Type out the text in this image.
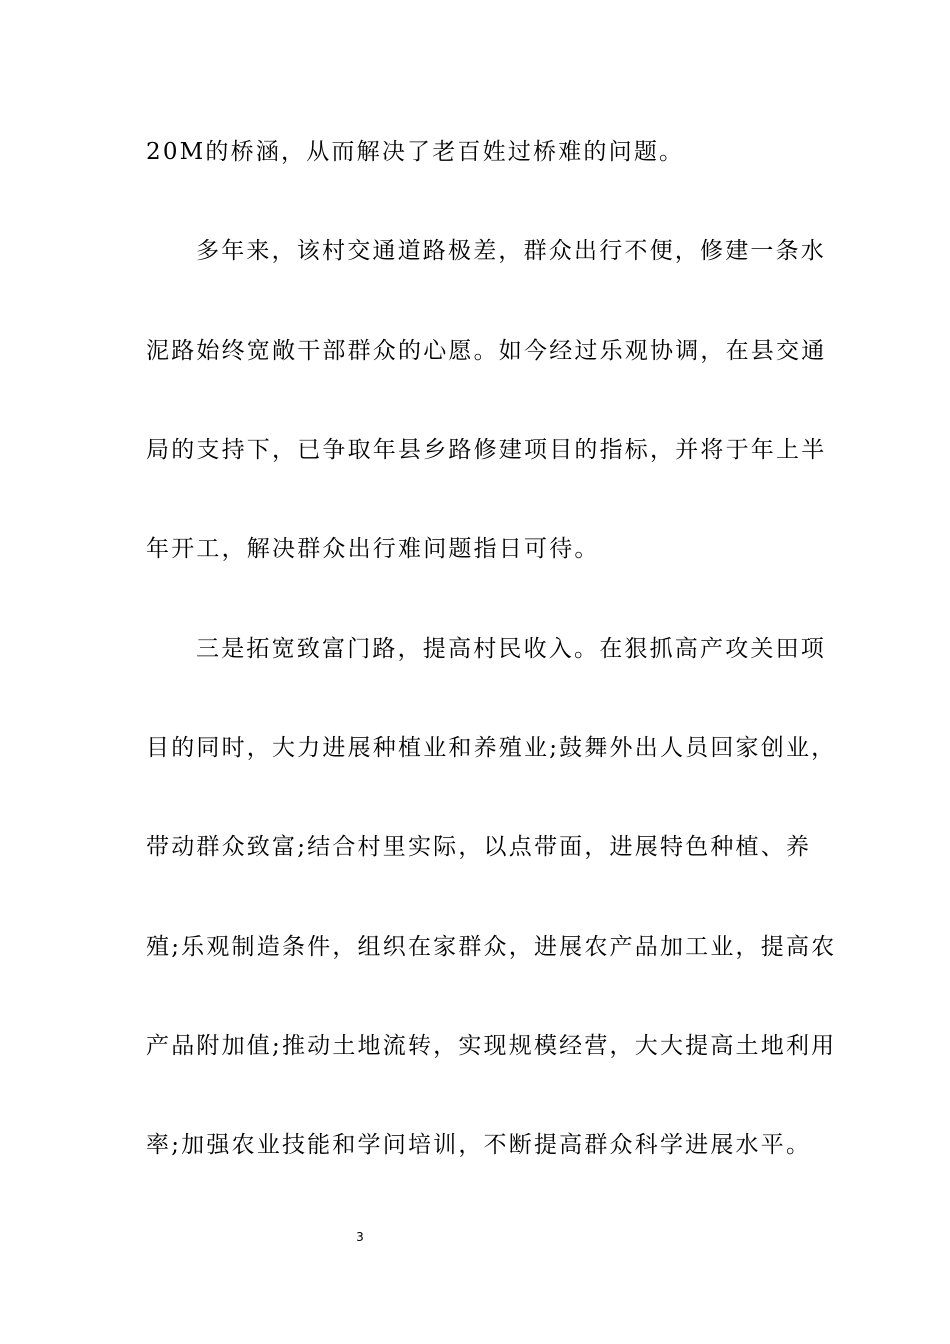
20M的桥涵，从而解决了老百姓过桥难的问题。
多年来，该村交通道路极差，群众出行不便，修建一条水
泥路始终宽敞干部群众的心愿。如今经过乐观协调，在县交通
局的支持下，已争取年县乡路修建项目的指标，并将于年上半
年开工，解决群众出行难问题指日可待。
三是拓宽致富门路，提高村民收入。在狠抓高产攻关田项
目的同时，大力进展种植业和养殖业;鼓舞外出人员回家创业，
带动群众致富;结合村里实际，以点带面，进展特色种植、养
殖;乐观制造条件，组织在家群众，进展农产品加工业，提高农
产品附加值;推动土地流转，实现规模经营，大大提高土地利用
率;加强农业技能和学问培训，不断提高群众科学进展水平。
3
